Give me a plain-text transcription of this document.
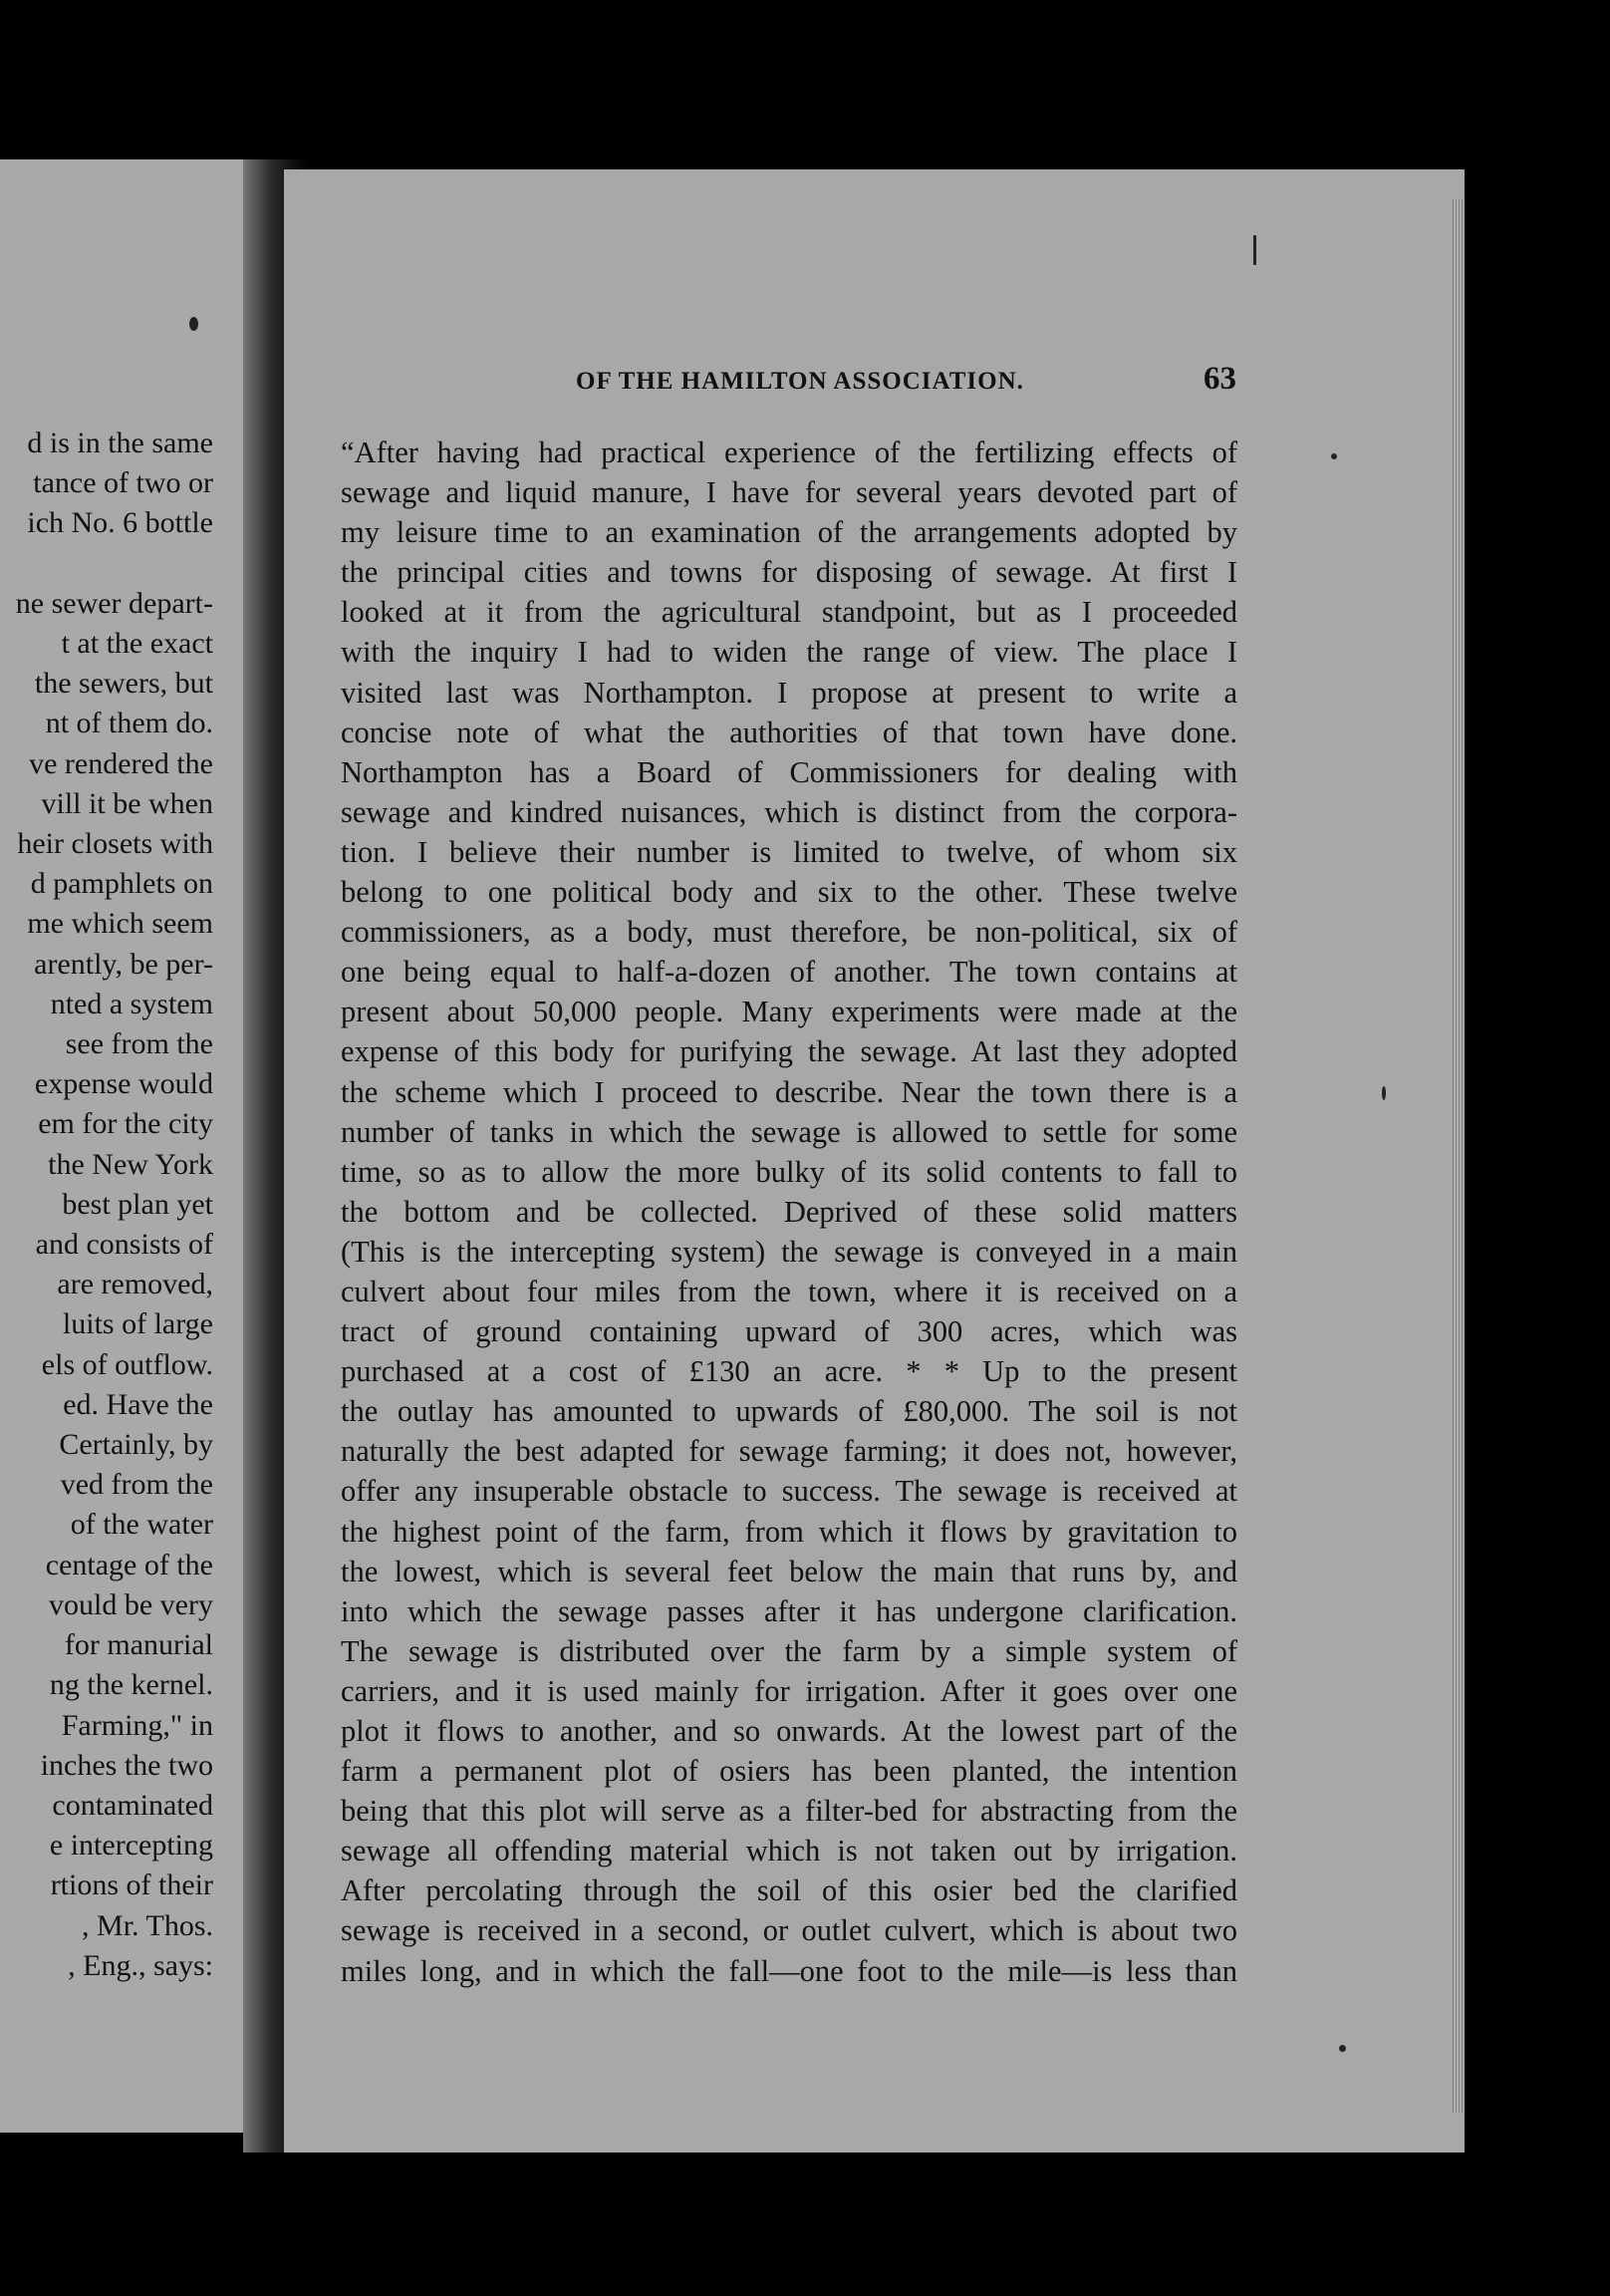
d is in the same
tance of two or
ich No. 6 bottle

ne sewer depart-
t at the exact
the sewers, but
nt of them do.
ve rendered the
vill it be when
heir closets with
d pamphlets on
me which seem
arently, be per-
nted a system
see from the
expense would
em for the city
the New York
best plan yet
and consists of
are removed,
luits of large
els of outflow.
ed. Have the
Certainly, by
ved from the
of the water
centage of the
vould be very
for manurial
ng the kernel.
Farming," in
inches the two
contaminated
e intercepting
rtions of their
, Mr. Thos.
, Eng., says:
OF THE HAMILTON ASSOCIATION.	63
“After having had practical experience of the fertilizing effects of
sewage and liquid manure, I have for several years devoted part of
my leisure time to an examination of the arrangements adopted by
the principal cities and towns for disposing of sewage. At first I
looked at it from the agricultural standpoint, but as I proceeded
with the inquiry I had to widen the range of view. The place I
visited last was Northampton. I propose at present to write a
concise note of what the authorities of that town have done.
Northampton has a Board of Commissioners for dealing with
sewage and kindred nuisances, which is distinct from the corpora-
tion. I believe their number is limited to twelve, of whom six
belong to one political body and six to the other. These twelve
commissioners, as a body, must therefore, be non-political, six of
one being equal to half-a-dozen of another. The town contains at
present about 50,000 people. Many experiments were made at the
expense of this body for purifying the sewage. At last they adopted
the scheme which I proceed to describe. Near the town there is a
number of tanks in which the sewage is allowed to settle for some
time, so as to allow the more bulky of its solid contents to fall to
the bottom and be collected. Deprived of these solid matters
(This is the intercepting system) the sewage is conveyed in a main
culvert about four miles from the town, where it is received on a
tract of ground containing upward of 300 acres, which was
purchased at a cost of £130 an acre. * * Up to the present
the outlay has amounted to upwards of £80,000. The soil is not
naturally the best adapted for sewage farming; it does not, however,
offer any insuperable obstacle to success. The sewage is received at
the highest point of the farm, from which it flows by gravitation to
the lowest, which is several feet below the main that runs by, and
into which the sewage passes after it has undergone clarification.
The sewage is distributed over the farm by a simple system of
carriers, and it is used mainly for irrigation. After it goes over one
plot it flows to another, and so onwards. At the lowest part of the
farm a permanent plot of osiers has been planted, the intention
being that this plot will serve as a filter-bed for abstracting from the
sewage all offending material which is not taken out by irrigation.
After percolating through the soil of this osier bed the clarified
sewage is received in a second, or outlet culvert, which is about two
miles long, and in which the fall—one foot to the mile—is less than
